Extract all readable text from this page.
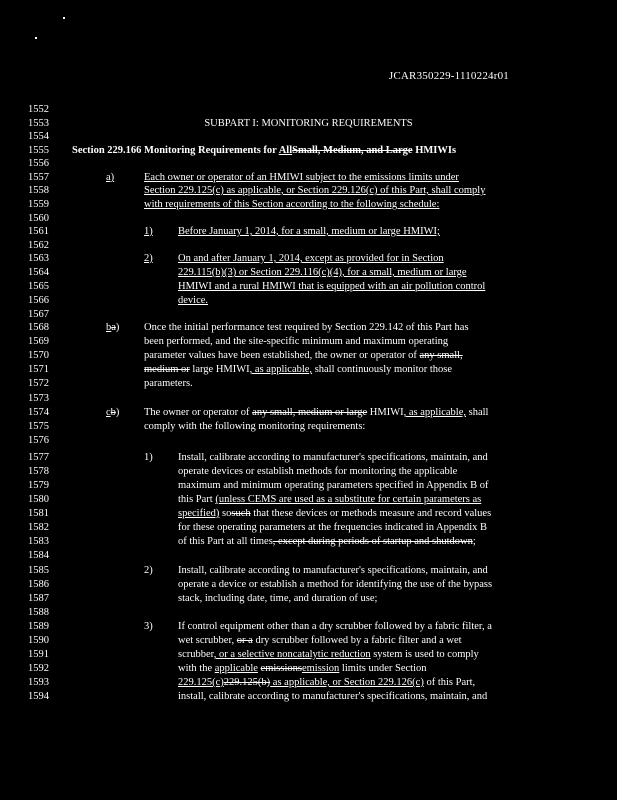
JCAR350229-1110224r01
1552
1553
1554
1555
1556
1557
1558
1559
1560
1561
1562
1563
1564
1565
1566
1567
1568
1569
1570
1571
1572
1573
1574
1575
1576
1577
1578
1579
1580
1581
1582
1583
1584
1585
1586
1587
1588
1589
1590
1591
1592
1593
1594
SUBPART I: MONITORING REQUIREMENTS
Section 229.166 Monitoring Requirements for AllSmall, Medium, and Large HMIWIs
a)	Each owner or operator of an HMIWI subject to the emissions limits under
Section 229.125(c) as applicable, or Section 229.126(c) of this Part, shall comply
with requirements of this Section according to the following schedule:
1) Before January 1, 2014, for a small, medium or large HMIWI;
2) On and after January 1, 2014, except as provided for in Section
229.115(b)(3) or Section 229.116(c)(4), for a small, medium or large
HMIWI and a rural HMIWI that is equipped with an air pollution control
device.
ba) Once the initial performance test required by Section 229.142 of this Part has
been performed, and the site-specific minimum and maximum operating
parameter values have been established, the owner or operator of any small,
medium or large HMIWI, as applicable, shall continuously monitor those
parameters.
cb) The owner or operator of any small, medium or large HMIWI, as applicable, shall
comply with the following monitoring requirements:
1) Install, calibrate according to manufacturer's specifications, maintain, and
operate devices or establish methods for monitoring the applicable
maximum and minimum operating parameters specified in Appendix B of
this Part (unless CEMS are used as a substitute for certain parameters as
specified) sosuch that these devices or methods measure and record values
for these operating parameters at the frequencies indicated in Appendix B
of this Part at all times, except during periods of startup and shutdown;
2) Install, calibrate according to manufacturer's specifications, maintain, and
operate a device or establish a method for identifying the use of the bypass
stack, including date, time, and duration of use;
3) If control equipment other than a dry scrubber followed by a fabric filter, a
wet scrubber, or a dry scrubber followed by a fabric filter and a wet
scrubber, or a selective noncatalytic reduction system is used to comply
with the applicable emissionsemission limits under Section
229.125(c)229.125(b) as applicable, or Section 229.126(c) of this Part,
install, calibrate according to manufacturer's specifications, maintain, and
